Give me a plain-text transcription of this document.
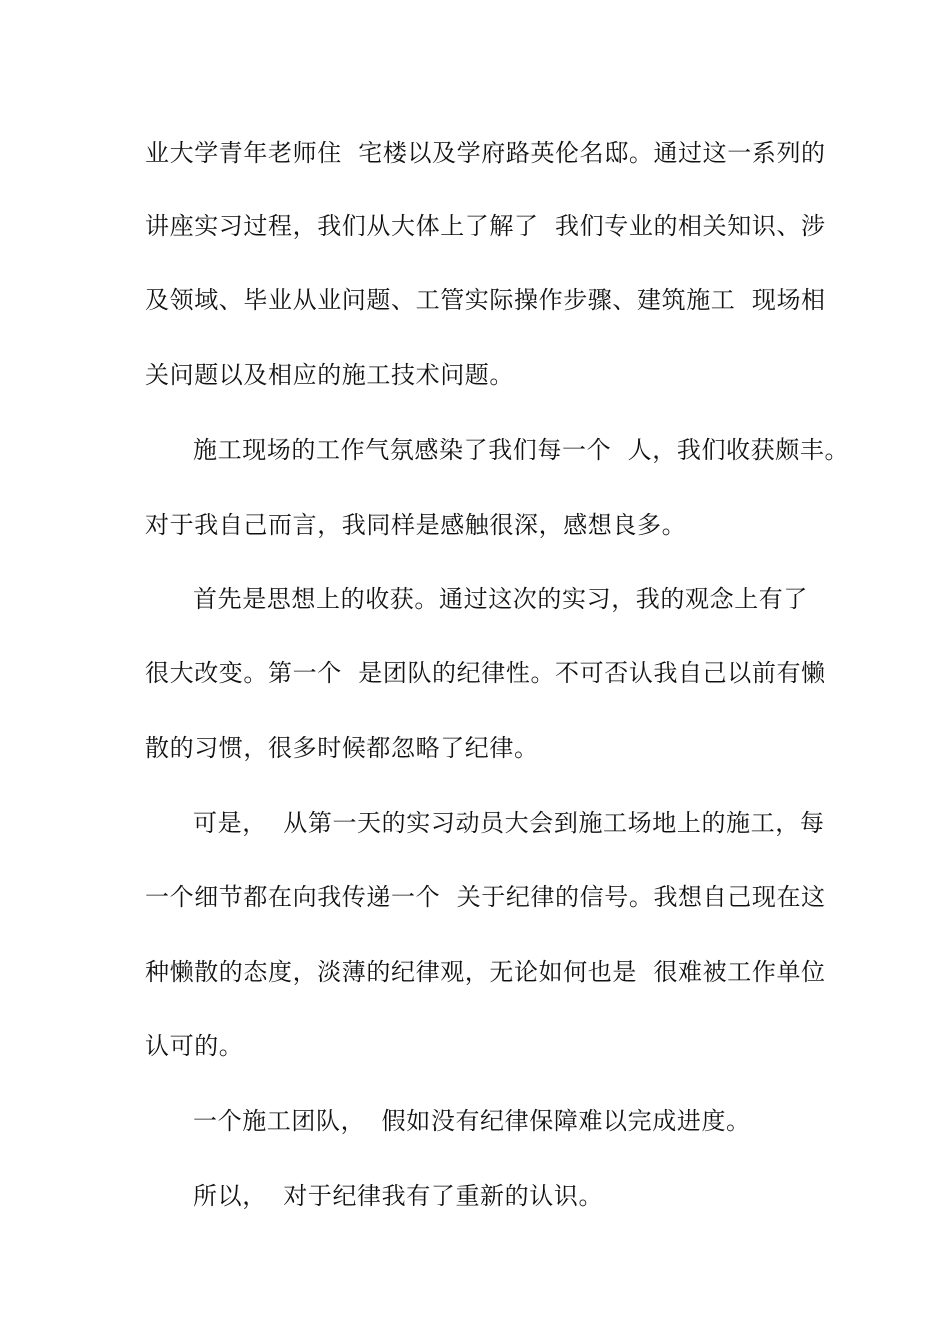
业大学青年老师住  宅楼以及学府路英伦名邸。通过这一系列的
讲座实习过程，我们从大体上了解了  我们专业的相关知识、涉
及领域、毕业从业问题、工管实际操作步骤、建筑施工  现场相
关问题以及相应的施工技术问题。
施工现场的工作气氛感染了我们每一个  人，我们收获颇丰。
对于我自己而言，我同样是感触很深，感想良多。
首先是思想上的收获。通过这次的实习，我的观念上有了
很大改变。第一个  是团队的纪律性。不可否认我自己以前有懒
散的习惯，很多时候都忽略了纪律。
可是，  从第一天的实习动员大会到施工场地上的施工，每
一个细节都在向我传递一个  关于纪律的信号。我想自己现在这
种懒散的态度，淡薄的纪律观，无论如何也是  很难被工作单位
认可的。
一个施工团队，  假如没有纪律保障难以完成进度。
所以，  对于纪律我有了重新的认识。
